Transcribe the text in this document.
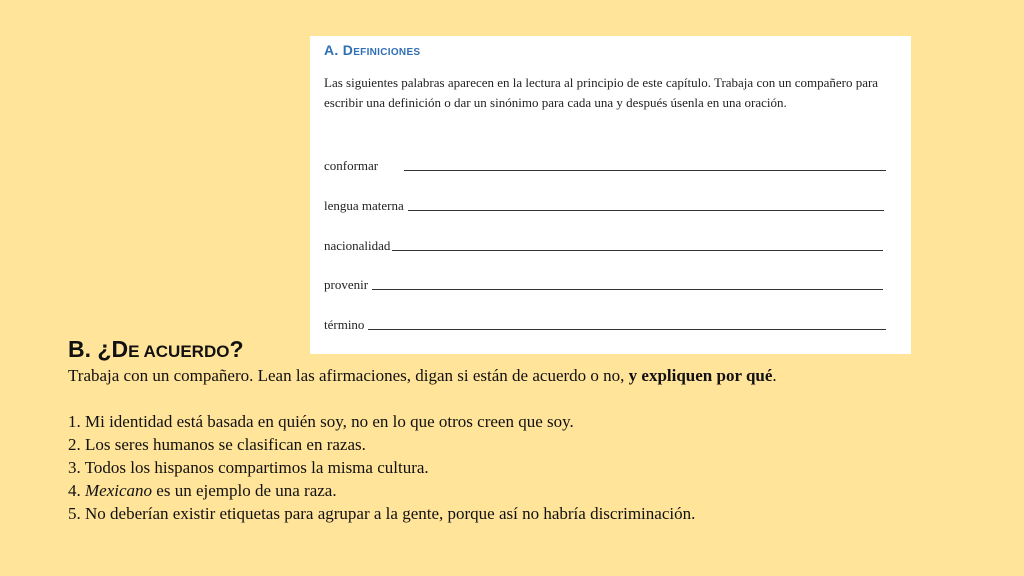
A. Definiciones
Las siguientes palabras aparecen en la lectura al principio de este capítulo. Trabaja con un compañero para escribir una definición o dar un sinónimo para cada una y después úsenla en una oración.
conformar
lengua materna
nacionalidad
provenir
término
B. ¿DE ACUERDO?
Trabaja con un compañero. Lean las afirmaciones, digan si están de acuerdo o no, y expliquen por qué.
1. Mi identidad está basada en quién soy, no en lo que otros creen que soy.
2. Los seres humanos se clasifican en razas.
3. Todos los hispanos compartimos la misma cultura.
4. Mexicano es un ejemplo de una raza.
5. No deberían existir etiquetas para agrupar a la gente, porque así no habría discriminación.
